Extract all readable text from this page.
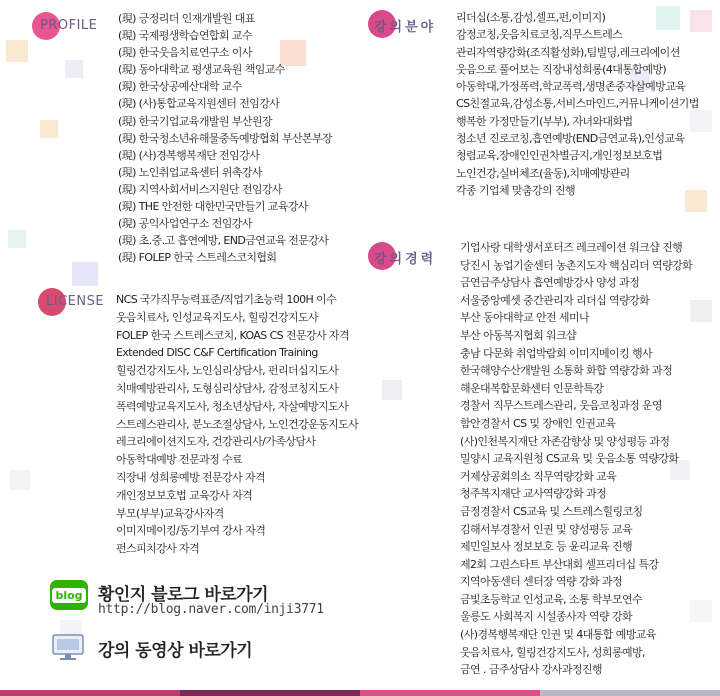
PROFILE (現) 긍정리더 인재개발원 대표
(現) 국제평생학습연합회 교수
(現) 한국웃음치료연구소 이사
(現) 동아대학교 평생교육원 책임교수
(現) 한국상공예산대학 교수
(現) (사)통합교육지원센터 전임강사
(現) 한국기업교육개발원 부산원장
(現) 한국청소년유해물중독예방협회 부산본부장
(現) (사)경복행복재단 전임강사
(現) 노인취업교육센터 위촉강사
(現) 지역사회서비스지원단 전임강사
(現) THE 안전한 대한민국만들기 교육강사
(現) 공익사업연구소 전임강사
(現) 초.중.고 흡연예방, END금연교육 전문강사
(現) FOLEP 한국 스트레스코치협회
강의분야
리더십(소통,감성,셀프,펀,이미지)
감정코칭,웃음치료코칭,직무스트레스
관리자역량강화(조직활성화),팀빌딩,레크리에이션
웃음으로 풀어보는 직장내성희롱(4대통합예방)
아동학대,가정폭력,학교폭력,생명존중자살예방교육
CS친절교육,감성소통,서비스마인드,커뮤니케이션기법
행복한 가정만들기(부부), 자녀와대화법
청소년 진로코칭,흡연예방(END금연교육),인성교육
청렴교육,장애인인권차별금지,개인정보보호법
노인건강,실버체조(율동),치매예방관리
각종 기업체 맞춤강의 진행
LICENSE NCS 국가직무능력표준/직업기초능력 100H 이수
웃음치료사, 인성교육지도사, 힐링건강지도사
FOLEP 한국 스트레스코치, KOAS CS 전문강사 자격
Extended DISC C&F Certification Training
힐링건강지도사, 노인심리상담사, 펀리더십지도사
치매예방관리사, 도형심리상담사, 감정코칭지도사
폭력예방교육지도사, 청소년상담사, 자살예방지도사
스트레스관리사, 분노조절상담사, 노인건강운동지도사
레크리에이션지도자, 건강관리사/가족상담사
아동학대예방 전문과정 수료
직장내 성희롱예방 전문강사 자격
개인정보보호법 교육강사 자격
부모(부부)교육강사자격
이미지메이킹/동기부여 강사 자격
펀스피치강사 자격
강의경력
기업사랑 대학생서포터즈 레크레이션 워크샵 진행
당진시 농업기술센터 농촌지도자 핵심리더 역량강화
금연금주상담사 흡연예방강사 양성 과정
서울중앙예셋 중간관리자 리더십 역량강화
부산 동아대학교 안전 세미나
부산 아동복지협회 워크샵
충남 다문화 취업박람회 이미지메이킹 행사
한국해양수산개발원 소통화 화합 역량강화 과정
해운대복합문화센터 인문학특강
경찰서 직무스트레스관리, 웃음코칭과정 운영
함안경찰서 CS 및 장애인 인권교육
(사)인천복지재단 자존감향상 및 양성평등 과정
밀양시 교육지원청 CS교육 및 웃음소통 역량강화
거제상공회의소 직무역량강화 교육
청주복지재단 교사역량강화 과정
금정경찰서 CS교육 및 스트레스힐링코칭
김해서부경찰서 인권 및 양성평등 교육
제민일보사 정보보호 등 윤리교육 진행
제2회 그린스타트 부산대회 셀프리더십 특강
지역아동센터 센터장 역량 강화 과정
금빛초등학교 인성교육, 소통 학부모연수
울릉도 사회복지 시설종사자 역량 강화
(사)경복행복재단 인권 및 4대통합 예방교육
웃음치료사, 힐링건강지도사, 성희롱예방,
금연 . 금주상담사 강사과정진행
blog 황인지 블로그 바로가기
http://blog.naver.com/inji3771
강의 동영상 바로가기
